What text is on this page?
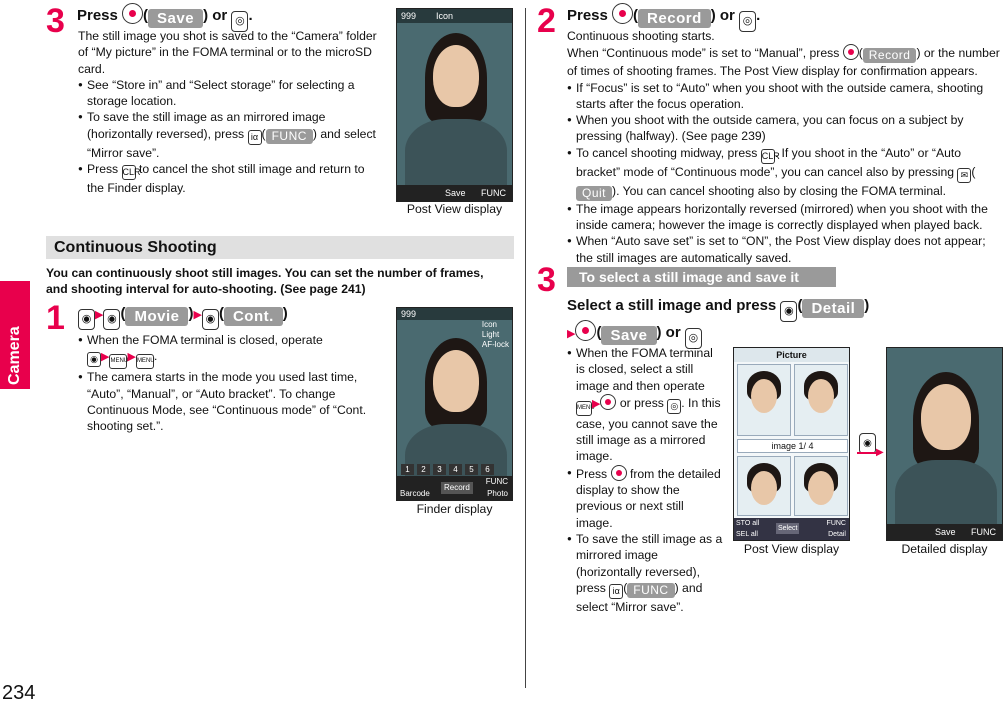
Camera
234
3 Press ( Save ) or ◎ .
The still image you shot is saved to the “Camera” folder of “My picture” in the FOMA terminal or to the microSD card.
● See “Store in” and “Select storage” for selecting a storage location.
● To save the still image as an mirrored image (horizontally reversed), press iα ( FUNC ) and select “Mirror save”.
● Press CLR to cancel the shot still image and return to the Finder display.
999 Icon
Save FUNC
Post View display
Continuous Shooting
You can continuously shoot still images. You can set the number of frames, and shooting interval for auto-shooting. (See page 241)
1	◉ ▶ ◉ ( Movie )▶ ◉ ( Cont. )
● When the FOMA terminal is closed, operate
◉ ▶MENU▶MENU.
● The camera starts in the mode you used last time, “Auto”, “Manual”, or “Auto bracket”. To change Continuous Mode, see “Continuous mode” of “Cont. shooting set.”.
999
Icon
Light
AF-lock
1 2 3 4 5 6
Barcode
Record
FUNC
Photo
Finder display
2 Press ( Record ) or ◎ .
Continuous shooting starts.
When “Continuous mode” is set to “Manual”, press ( Record ) or the number of times of shooting frames. The Post View display for confirmation appears.
● If “Focus” is set to “Auto” when you shoot with the outside camera, shooting starts after the focus operation.
● When you shoot with the outside camera, you can focus on a subject by pressing (halfway). (See page 239)
● To cancel shooting midway, press CLR. If you shoot in the “Auto” or “Auto bracket” mode of “Continuous mode”, you can cancel also by pressing ✉ (Quit ). You can cancel shooting also by closing the FOMA terminal.
● The image appears horizontally reversed (mirrored) when you shoot with the inside camera; however the image is correctly displayed when played back.
● When “Auto save set” is set to “ON”, the Post View display does not appear; the still images are automatically saved.
3	To select a still image and save it
Select a still image and press ◉ ( Detail )
▶ ( Save ) or ◎
● When the FOMA terminal is closed, select a still image and then operate MENU▶ or press ◎ . In this case, you cannot save the still image as a mirrored image.
● Press from the detailed display to show the previous or next still image.
● To save the still image as a mirrored image (horizontally reversed), press iα ( FUNC ) and select “Mirror save”.
Picture
image 1/ 4
STO all
SEL all
Select
FUNC
Detail
Post View display
◉
▶
Save FUNC
Detailed display
